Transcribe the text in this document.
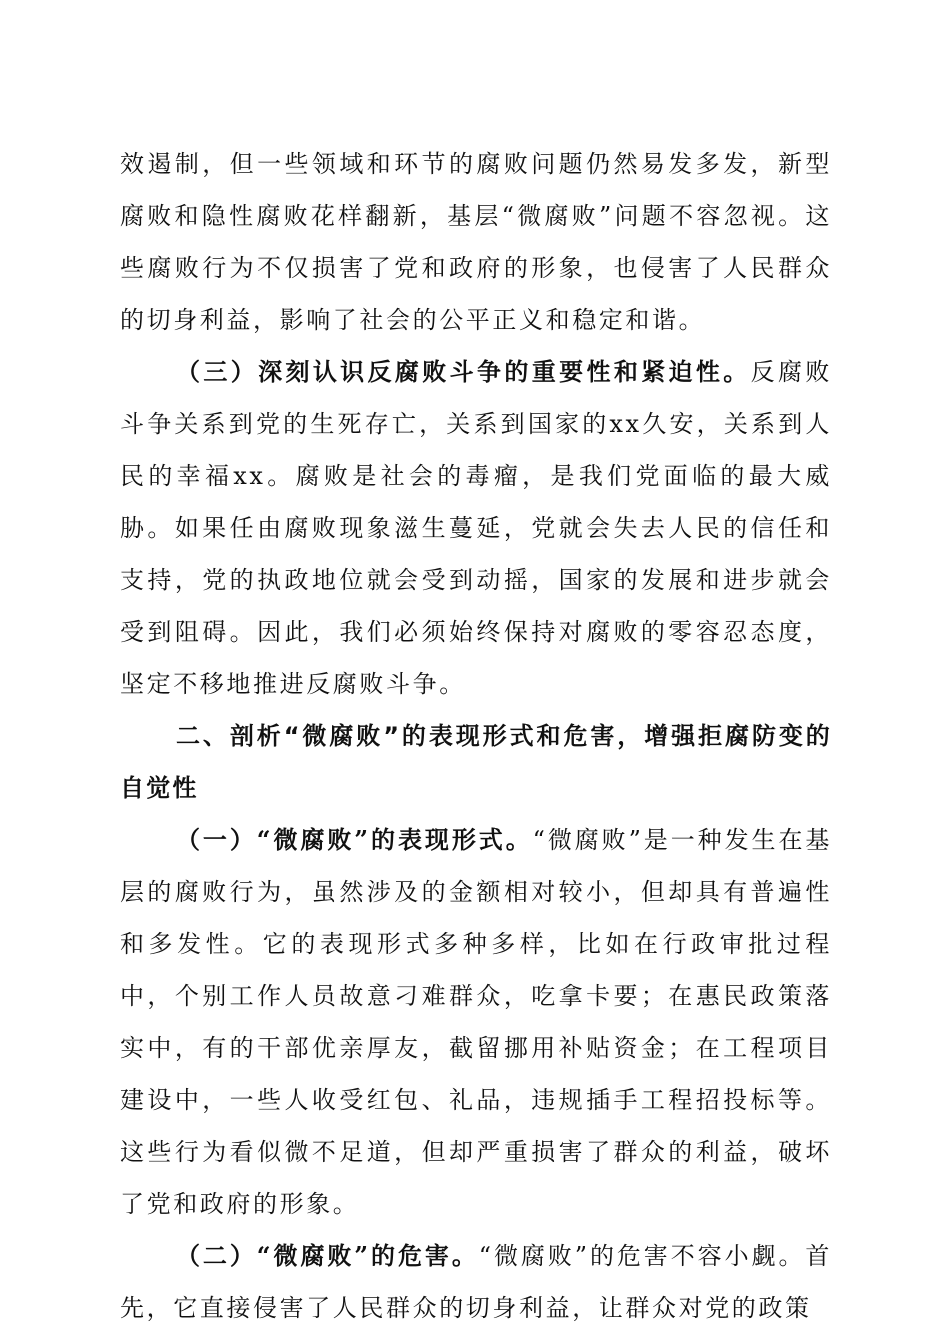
效遏制，但一些领域和环节的腐败问题仍然易发多发，新型腐败和隐性腐败花样翻新，基层“微腐败”问题不容忽视。这些腐败行为不仅损害了党和政府的形象，也侵害了人民群众的切身利益，影响了社会的公平正义和稳定和谐。

（三）深刻认识反腐败斗争的重要性和紧迫性。反腐败斗争关系到党的生死存亡，关系到国家的xx久安，关系到人民的幸福xx。腐败是社会的毒瘤，是我们党面临的最大威胁。如果任由腐败现象滋生蔓延，党就会失去人民的信任和支持，党的执政地位就会受到动摇，国家的发展和进步就会受到阻碍。因此，我们必须始终保持对腐败的零容忍态度，坚定不移地推进反腐败斗争。

二、剖析“微腐败”的表现形式和危害，增强拒腐防变的自觉性

（一）“微腐败”的表现形式。“微腐败”是一种发生在基层的腐败行为，虽然涉及的金额相对较小，但却具有普遍性和多发性。它的表现形式多种多样，比如在行政审批过程中，个别工作人员故意刁难群众，吃拿卡要；在惠民政策落实中，有的干部优亲厚友，截留挪用补贴资金；在工程项目建设中，一些人收受红包、礼品，违规插手工程招投标等。这些行为看似微不足道，但却严重损害了群众的利益，破坏了党和政府的形象。

（二）“微腐败”的危害。“微腐败”的危害不容小觑。首先，它直接侵害了人民群众的切身利益，让群众对党的政策
